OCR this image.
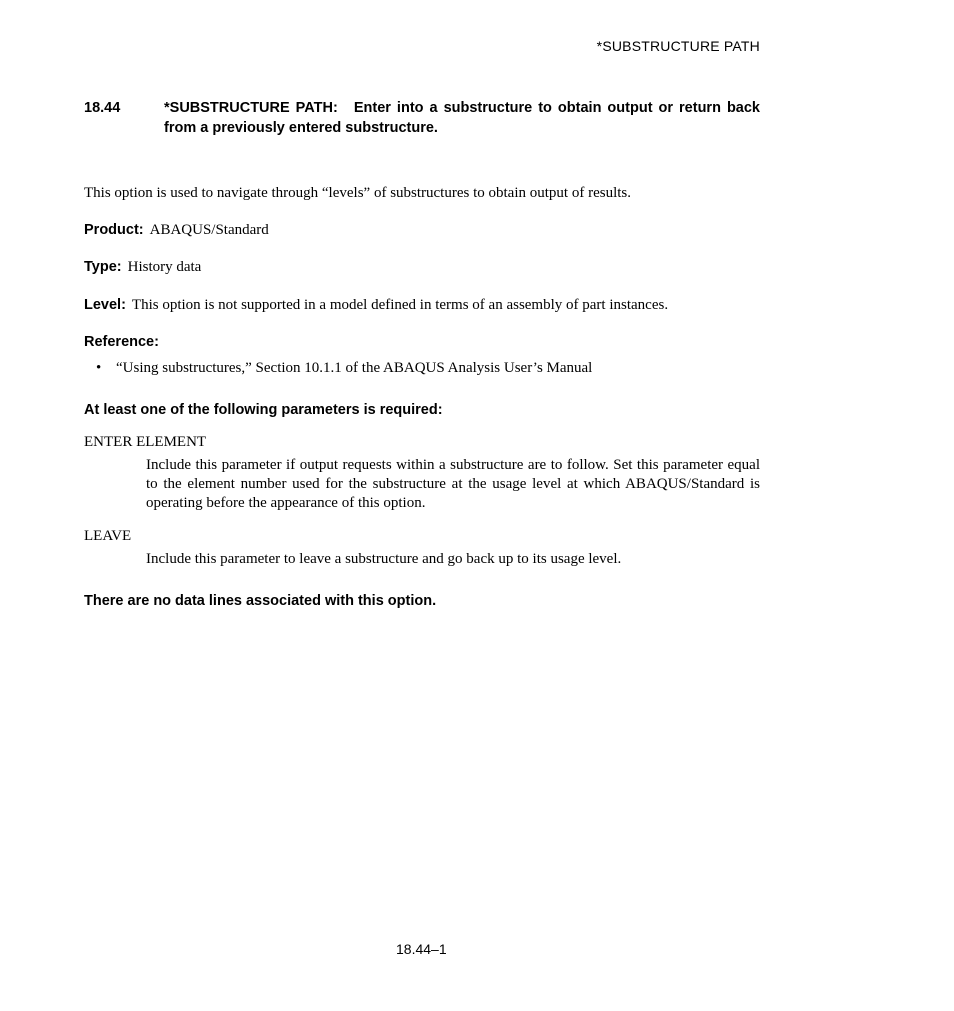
*SUBSTRUCTURE PATH
18.44	*SUBSTRUCTURE PATH: Enter into a substructure to obtain output or return back from a previously entered substructure.
This option is used to navigate through “levels” of substructures to obtain output of results.
Product: ABAQUS/Standard
Type: History data
Level: This option is not supported in a model defined in terms of an assembly of part instances.
Reference:
• “Using substructures,” Section 10.1.1 of the ABAQUS Analysis User’s Manual
At least one of the following parameters is required:
ENTER ELEMENT
Include this parameter if output requests within a substructure are to follow. Set this parameter equal to the element number used for the substructure at the usage level at which ABAQUS/Standard is operating before the appearance of this option.
LEAVE
Include this parameter to leave a substructure and go back up to its usage level.
There are no data lines associated with this option.
18.44–1
